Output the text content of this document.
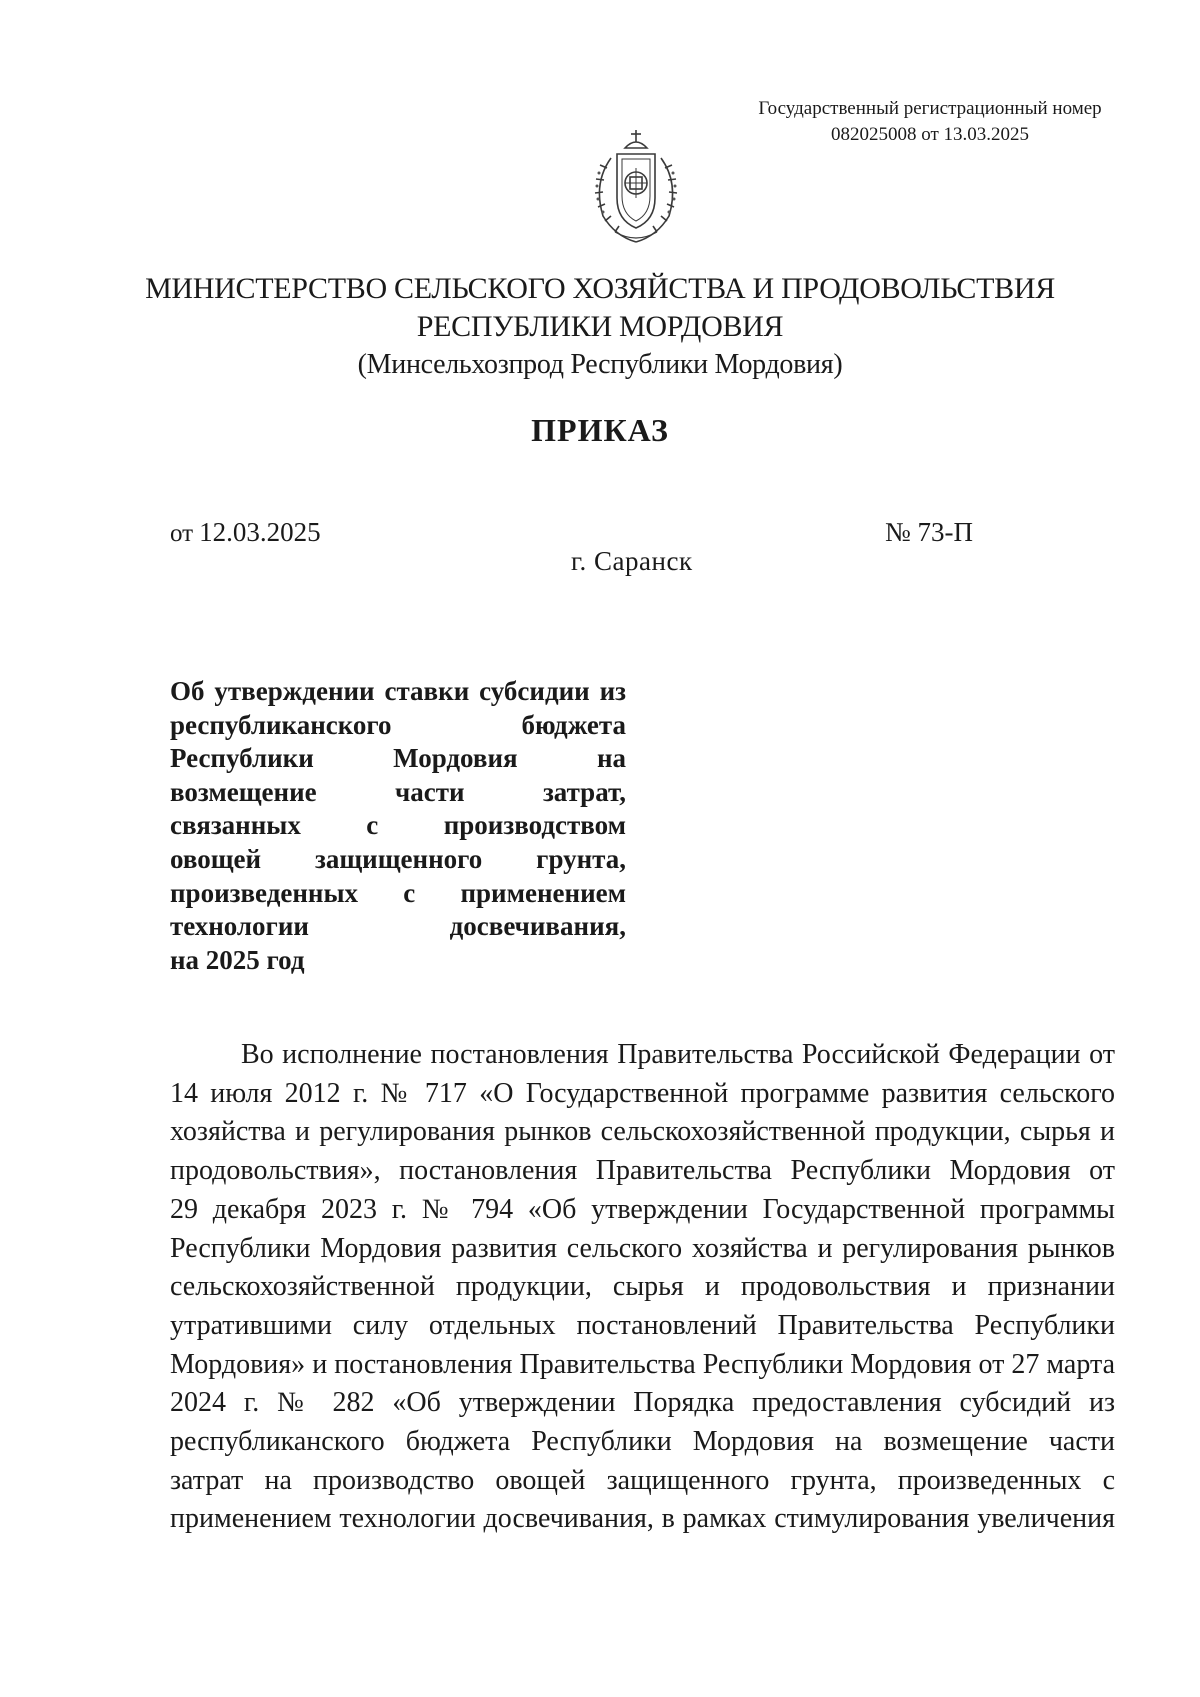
Государственный регистрационный номер
082025008 от 13.03.2025
МИНИСТЕРСТВО СЕЛЬСКОГО ХОЗЯЙСТВА И ПРОДОВОЛЬСТВИЯ
РЕСПУБЛИКИ МОРДОВИЯ
(Минсельхозпрод Республики Мордовия)
ПРИКАЗ
от 12.03.2025	№ 73-П
г. Саранск
Об утверждении ставки субсидии из
республиканского бюджета
Республики Мордовия на
возмещение части затрат,
связанных с производством
овощей защищенного грунта,
произведенных с применением
технологии досвечивания,
на 2025 год
Во исполнение постановления Правительства Российской Федерации от
14 июля 2012 г. № 717 «О Государственной программе развития сельского
хозяйства и регулирования рынков сельскохозяйственной продукции, сырья и
продовольствия», постановления Правительства Республики Мордовия от
29 декабря 2023 г. № 794 «Об утверждении Государственной программы
Республики Мордовия развития сельского хозяйства и регулирования рынков
сельскохозяйственной продукции, сырья и продовольствия и признании
утратившими силу отдельных постановлений Правительства Республики
Мордовия» и постановления Правительства Республики Мордовия от 27 марта
2024 г. № 282 «Об утверждении Порядка предоставления субсидий из
республиканского бюджета Республики Мордовия на возмещение части
затрат на производство овощей защищенного грунта, произведенных с
применением технологии досвечивания, в рамках стимулирования увеличения
